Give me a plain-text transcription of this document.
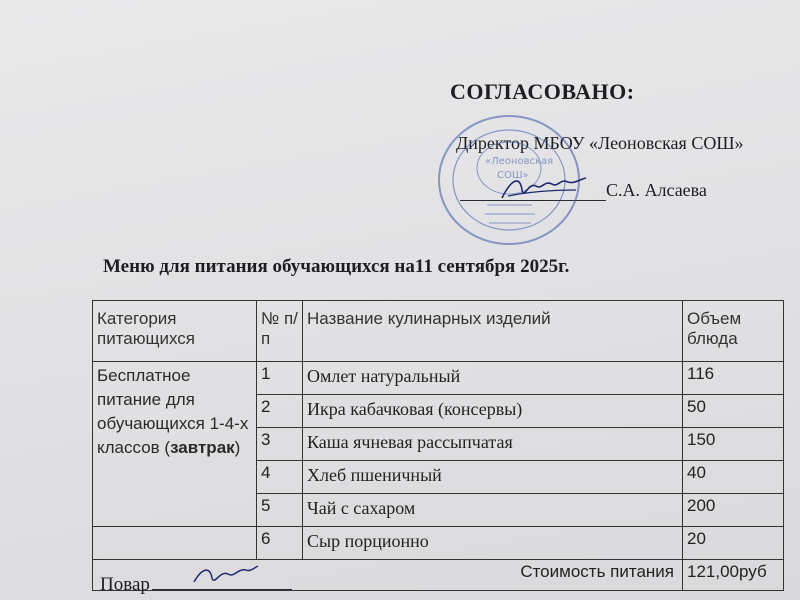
СОГЛАСОВАНО:
Директор МБОУ «Леоновская СОШ»
С.А. Алсаева
«Леоновская
СОШ»
Меню для питания обучающихся на11 сентября 2025г.
Категория питающихся	№ п/п	Название кулинарных изделий	Объем блюда
Бесплатное питание для обучающихся 1-4-х классов (завтрак)	1	Омлет натуральный	116
	2	Икра кабачковая (консервы)	50
	3	Каша ячневая рассыпчатая	150
	4	Хлеб пшеничный	40
	5	Чай с сахаром	200
	6	Сыр порционно	20
Стоимость питания			121,00руб
Повар
